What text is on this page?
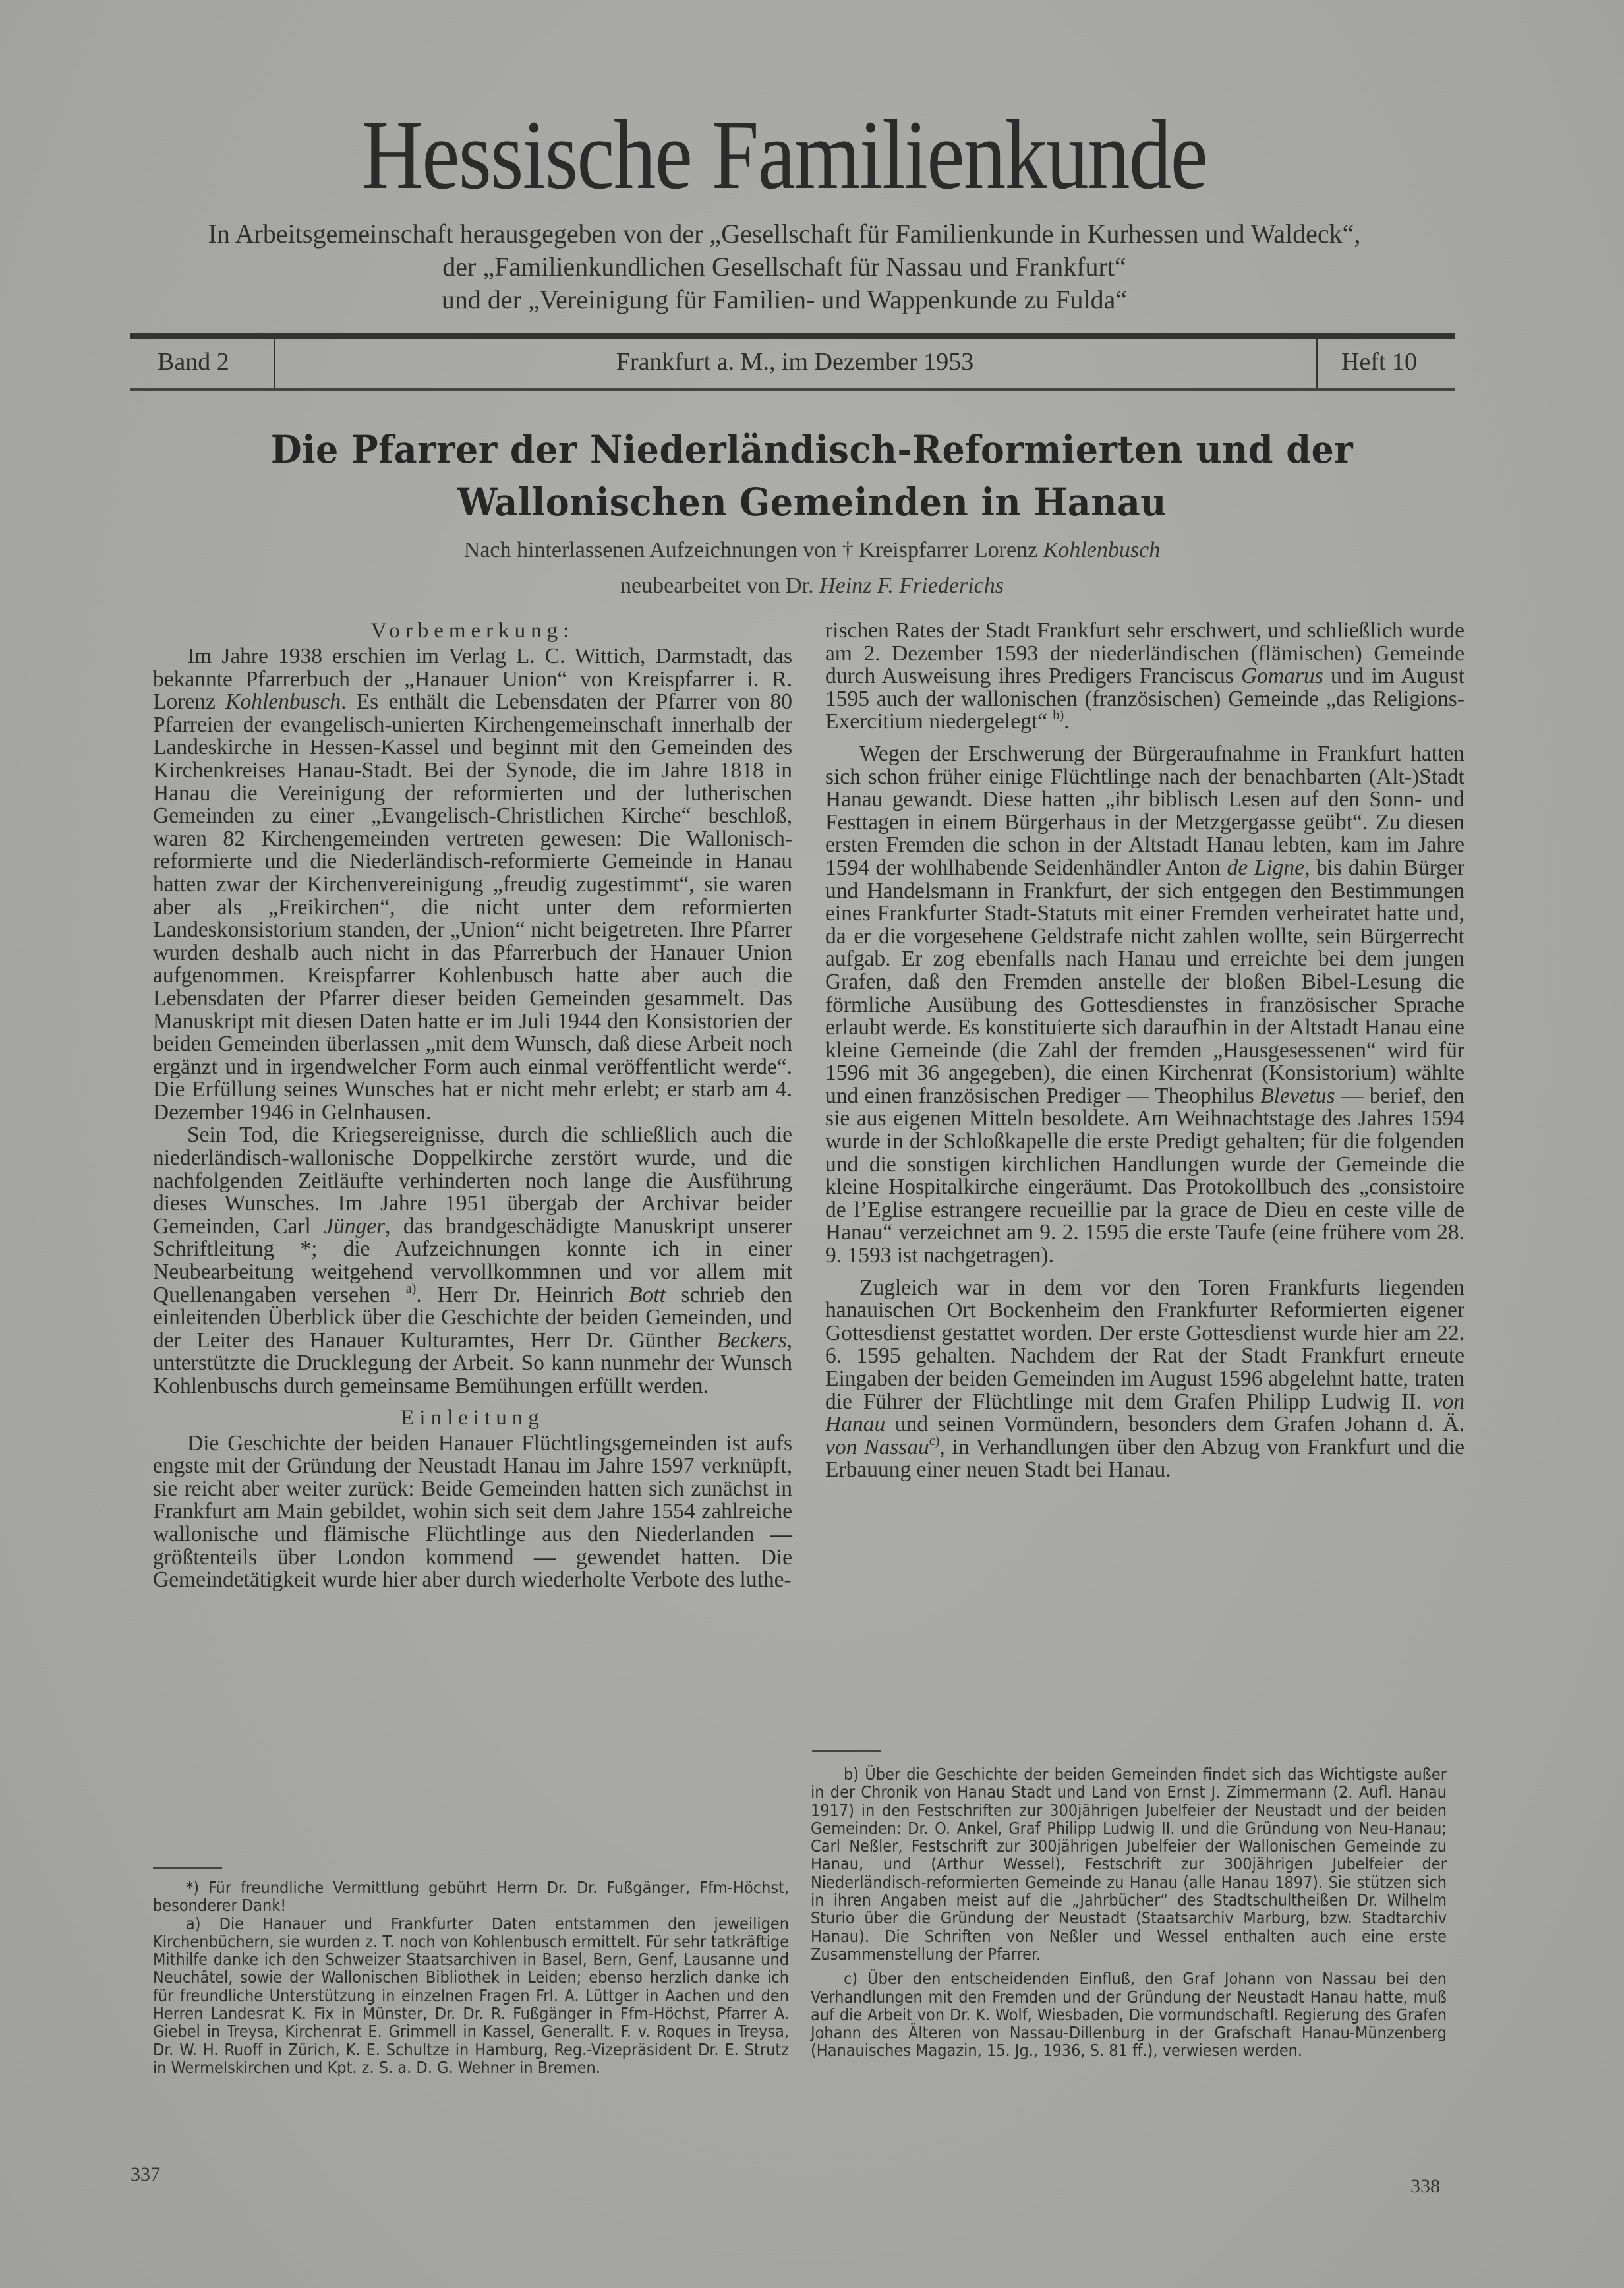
Hessische Familienkunde
In Arbeitsgemeinschaft herausgegeben von der „Gesellschaft für Familienkunde in Kurhessen und Waldeck“,
der „Familienkundlichen Gesellschaft für Nassau und Frankfurt“
und der „Vereinigung für Familien- und Wappenkunde zu Fulda“
Band 2	Frankfurt a. M., im Dezember 1953	Heft 10
Die Pfarrer der Niederländisch-Reformierten und der
Wallonischen Gemeinden in Hanau
Nach hinterlassenen Aufzeichnungen von † Kreispfarrer Lorenz Kohlenbusch
neubearbeitet von Dr. Heinz F. Friederichs
Vorbemerkung:

Im Jahre 1938 erschien im Verlag L. C. Wittich, Darmstadt, das bekannte Pfarrerbuch der „Hanauer Union“ von Kreispfarrer i. R. Lorenz Kohlenbusch. Es enthält die Lebensdaten der Pfarrer von 80 Pfarreien der evangelisch-unierten Kirchengemeinschaft innerhalb der Landeskirche in Hessen-Kassel und beginnt mit den Gemeinden des Kirchenkreises Hanau-Stadt. Bei der Synode, die im Jahre 1818 in Hanau die Vereinigung der reformierten und der lutherischen Gemeinden zu einer „Evangelisch-Christlichen Kirche“ beschloß, waren 82 Kirchengemeinden vertreten gewesen: Die Wallonisch-reformierte und die Niederländisch-reformierte Gemeinde in Hanau hatten zwar der Kirchenvereinigung „freudig zugestimmt“, sie waren aber als „Freikirchen“, die nicht unter dem reformierten Landeskonsistorium standen, der „Union“ nicht beigetreten. Ihre Pfarrer wurden deshalb auch nicht in das Pfarrerbuch der Hanauer Union aufgenommen. Kreispfarrer Kohlenbusch hatte aber auch die Lebensdaten der Pfarrer dieser beiden Gemeinden gesammelt. Das Manuskript mit diesen Daten hatte er im Juli 1944 den Konsistorien der beiden Gemeinden überlassen „mit dem Wunsch, daß diese Arbeit noch ergänzt und in irgendwelcher Form auch einmal veröffentlicht werde“. Die Erfüllung seines Wunsches hat er nicht mehr erlebt; er starb am 4. Dezember 1946 in Gelnhausen.

Sein Tod, die Kriegsereignisse, durch die schließlich auch die niederländisch-wallonische Doppelkirche zerstört wurde, und die nachfolgenden Zeitläufte verhinderten noch lange die Ausführung dieses Wunsches. Im Jahre 1951 übergab der Archivar beider Gemeinden, Carl Jünger, das brandgeschädigte Manuskript unserer Schriftleitung *; die Aufzeichnungen konnte ich in einer Neubearbeitung weitgehend vervollkommnen und vor allem mit Quellenangaben versehen $^{a)}$. Herr Dr. Heinrich Bott schrieb den einleitenden Überblick über die Geschichte der beiden Gemeinden, und der Leiter des Hanauer Kulturamtes, Herr Dr. Günther Beckers, unterstützte die Drucklegung der Arbeit. So kann nunmehr der Wunsch Kohlenbuschs durch gemeinsame Bemühungen erfüllt werden.

Einleitung

Die Geschichte der beiden Hanauer Flüchtlingsgemeinden ist aufs engste mit der Gründung der Neustadt Hanau im Jahre 1597 verknüpft, sie reicht aber weiter zurück: Beide Gemeinden hatten sich zunächst in Frankfurt am Main gebildet, wohin sich seit dem Jahre 1554 zahlreiche wallonische und flämische Flüchtlinge aus den Niederlanden — größtenteils über London kommend — gewendet hatten. Die Gemeindetätigkeit wurde hier aber durch wiederholte Verbote des luthe-

*) Für freundliche Vermittlung gebührt Herrn Dr. Dr. Fußgänger, Ffm-Höchst, besonderer Dank!

a) Die Hanauer und Frankfurter Daten entstammen den jeweiligen Kirchenbüchern, sie wurden z. T. noch von Kohlenbusch ermittelt. Für sehr tatkräftige Mithilfe danke ich den Schweizer Staatsarchiven in Basel, Bern, Genf, Lausanne und Neuchâtel, sowie der Wallonischen Bibliothek in Leiden; ebenso herzlich danke ich für freundliche Unterstützung in einzelnen Fragen Frl. A. Lüttger in Aachen und den Herren Landesrat K. Fix in Münster, Dr. Dr. R. Fußgänger in Ffm-Höchst, Pfarrer A. Giebel in Treysa, Kirchenrat E. Grimmell in Kassel, Generallt. F. v. Roques in Treysa, Dr. W. H. Ruoff in Zürich, K. E. Schultze in Hamburg, Reg.-Vizepräsident Dr. E. Strutz in Wermelskirchen und Kpt. z. S. a. D. G. Wehner in Bremen.

337

rischen Rates der Stadt Frankfurt sehr erschwert, und schließlich wurde am 2. Dezember 1593 der niederländischen (flämischen) Gemeinde durch Ausweisung ihres Predigers Franciscus Gomarus und im August 1595 auch der wallonischen (französischen) Gemeinde „das Religions-Exercitium niedergelegt“ $^{b)}$.

Wegen der Erschwerung der Bürgeraufnahme in Frankfurt hatten sich schon früher einige Flüchtlinge nach der benachbarten (Alt-)Stadt Hanau gewandt. Diese hatten „ihr biblisch Lesen auf den Sonn- und Festtagen in einem Bürgerhaus in der Metzgergasse geübt“. Zu diesen ersten Fremden die schon in der Altstadt Hanau lebten, kam im Jahre 1594 der wohlhabende Seidenhändler Anton de Ligne, bis dahin Bürger und Handelsmann in Frankfurt, der sich entgegen den Bestimmungen eines Frankfurter Stadt-Statuts mit einer Fremden verheiratet hatte und, da er die vorgesehene Geldstrafe nicht zahlen wollte, sein Bürgerrecht aufgab. Er zog ebenfalls nach Hanau und erreichte bei dem jungen Grafen, daß den Fremden anstelle der bloßen Bibel-Lesung die förmliche Ausübung des Gottesdienstes in französischer Sprache erlaubt werde. Es konstituierte sich daraufhin in der Altstadt Hanau eine kleine Gemeinde (die Zahl der fremden „Hausgesessenen“ wird für 1596 mit 36 angegeben), die einen Kirchenrat (Konsistorium) wählte und einen französischen Prediger — Theophilus Blevetus — berief, den sie aus eigenen Mitteln besoldete. Am Weihnachtstage des Jahres 1594 wurde in der Schloßkapelle die erste Predigt gehalten; für die folgenden und die sonstigen kirchlichen Handlungen wurde der Gemeinde die kleine Hospitalkirche eingeräumt. Das Protokollbuch des „consistoire de l’Eglise estrangere recueillie par la grace de Dieu en ceste ville de Hanau“ verzeichnet am 9. 2. 1595 die erste Taufe (eine frühere vom 28. 9. 1593 ist nachgetragen).

Zugleich war in dem vor den Toren Frankfurts liegenden hanauischen Ort Bockenheim den Frankfurter Reformierten eigener Gottesdienst gestattet worden. Der erste Gottesdienst wurde hier am 22. 6. 1595 gehalten. Nachdem der Rat der Stadt Frankfurt erneute Eingaben der beiden Gemeinden im August 1596 abgelehnt hatte, traten die Führer der Flüchtlinge mit dem Grafen Philipp Ludwig II. von Hanau und seinen Vormündern, besonders dem Grafen Johann d. Ä. von Nassau$^{c)}$, in Verhandlungen über den Abzug von Frankfurt und die Erbauung einer neuen Stadt bei Hanau.

b) Über die Geschichte der beiden Gemeinden findet sich das Wichtigste außer in der Chronik von Hanau Stadt und Land von Ernst J. Zimmermann (2. Aufl. Hanau 1917) in den Festschriften zur 300jährigen Jubelfeier der Neustadt und der beiden Gemeinden: Dr. O. Ankel, Graf Philipp Ludwig II. und die Gründung von Neu-Hanau; Carl Neßler, Festschrift zur 300jährigen Jubelfeier der Wallonischen Gemeinde zu Hanau, und (Arthur Wessel), Festschrift zur 300jährigen Jubelfeier der Niederländisch-reformierten Gemeinde zu Hanau (alle Hanau 1897). Sie stützen sich in ihren Angaben meist auf die „Jahrbücher“ des Stadtschultheißen Dr. Wilhelm Sturio über die Gründung der Neustadt (Staatsarchiv Marburg, bzw. Stadtarchiv Hanau). Die Schriften von Neßler und Wessel enthalten auch eine erste Zusammenstellung der Pfarrer.

c) Über den entscheidenden Einfluß, den Graf Johann von Nassau bei den Verhandlungen mit den Fremden und der Gründung der Neustadt Hanau hatte, muß auf die Arbeit von Dr. K. Wolf, Wiesbaden, Die vormundschaftl. Regierung des Grafen Johann des Älteren von Nassau-Dillenburg in der Grafschaft Hanau-Münzenberg (Hanauisches Magazin, 15. Jg., 1936, S. 81 ff.), verwiesen werden.

338
